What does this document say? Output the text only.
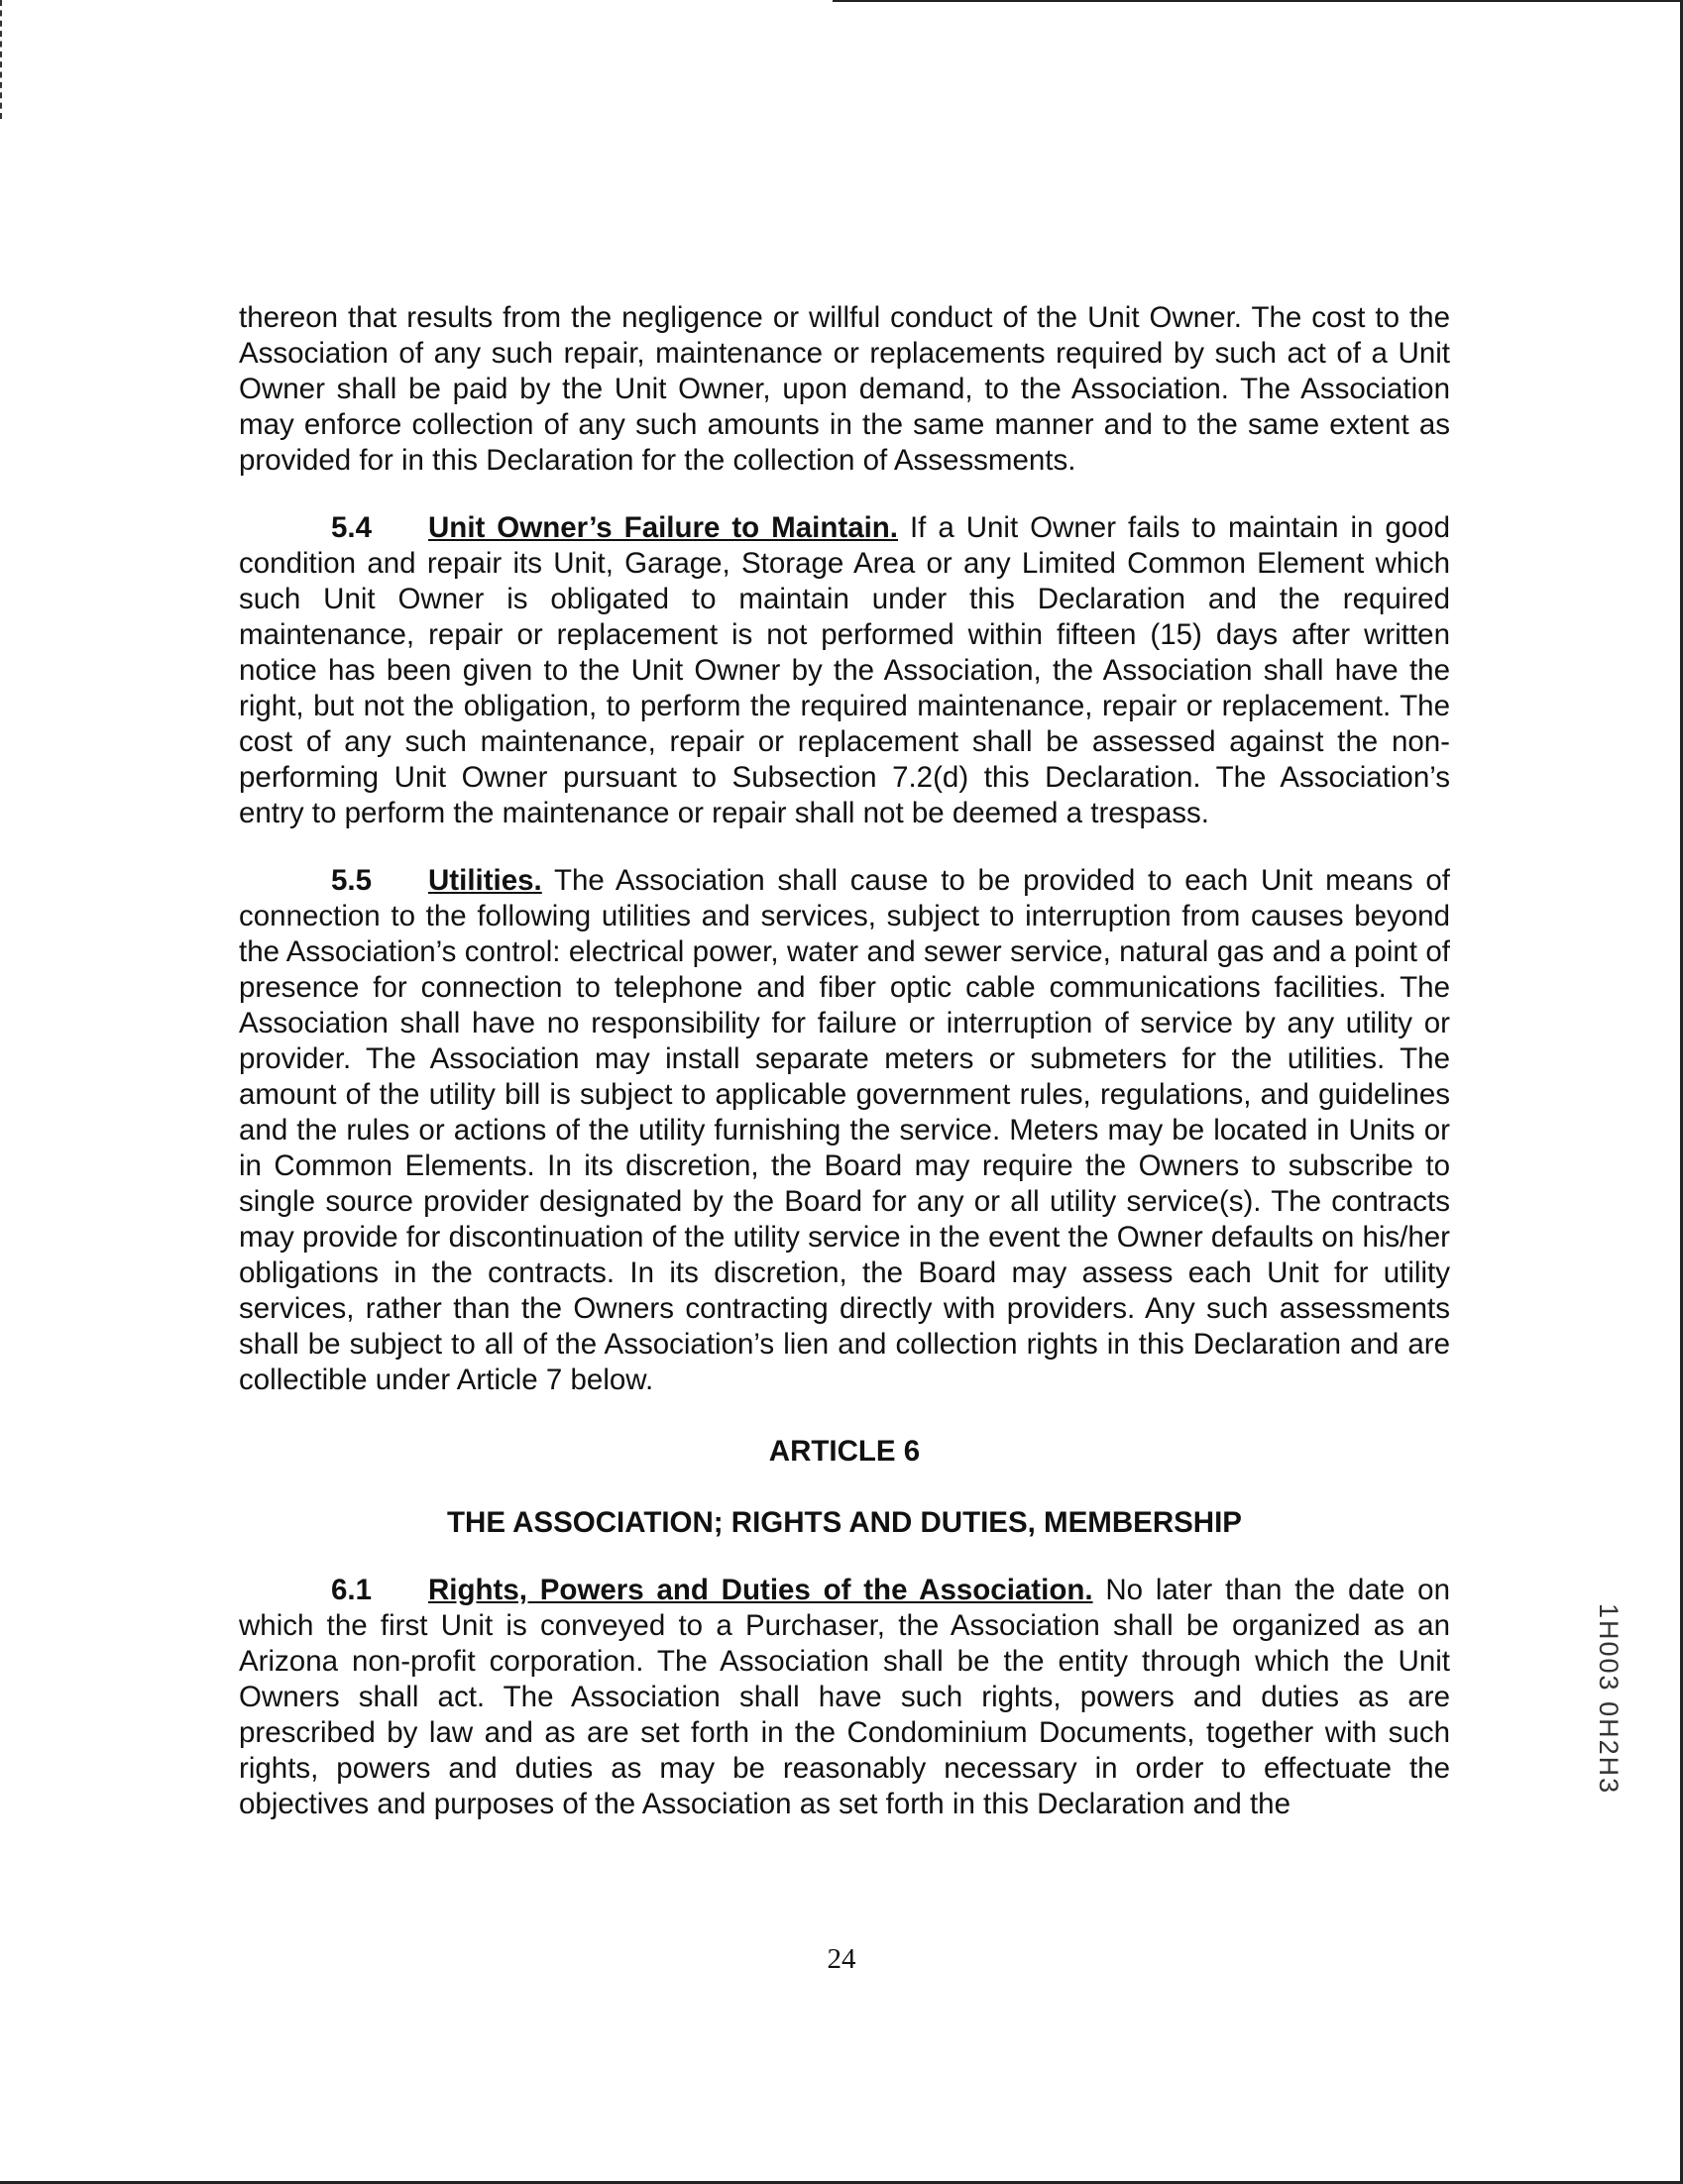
thereon that results from the negligence or willful conduct of the Unit Owner. The cost to the Association of any such repair, maintenance or replacements required by such act of a Unit Owner shall be paid by the Unit Owner, upon demand, to the Association. The Association may enforce collection of any such amounts in the same manner and to the same extent as provided for in this Declaration for the collection of Assessments.

5.4 Unit Owner’s Failure to Maintain. If a Unit Owner fails to maintain in good condition and repair its Unit, Garage, Storage Area or any Limited Common Element which such Unit Owner is obligated to maintain under this Declaration and the required maintenance, repair or replacement is not performed within fifteen (15) days after written notice has been given to the Unit Owner by the Association, the Association shall have the right, but not the obligation, to perform the required maintenance, repair or replacement. The cost of any such maintenance, repair or replacement shall be assessed against the non-performing Unit Owner pursuant to Subsection 7.2(d) this Declaration. The Association’s entry to perform the maintenance or repair shall not be deemed a trespass.

5.5 Utilities. The Association shall cause to be provided to each Unit means of connection to the following utilities and services, subject to interruption from causes beyond the Association’s control: electrical power, water and sewer service, natural gas and a point of presence for connection to telephone and fiber optic cable communications facilities. The Association shall have no responsibility for failure or interruption of service by any utility or provider. The Association may install separate meters or submeters for the utilities. The amount of the utility bill is subject to applicable government rules, regulations, and guidelines and the rules or actions of the utility furnishing the service. Meters may be located in Units or in Common Elements. In its discretion, the Board may require the Owners to subscribe to single source provider designated by the Board for any or all utility service(s). The contracts may provide for discontinuation of the utility service in the event the Owner defaults on his/her obligations in the contracts. In its discretion, the Board may assess each Unit for utility services, rather than the Owners contracting directly with providers. Any such assessments shall be subject to all of the Association’s lien and collection rights in this Declaration and are collectible under Article 7 below.

ARTICLE 6

THE ASSOCIATION; RIGHTS AND DUTIES, MEMBERSHIP

6.1 Rights, Powers and Duties of the Association. No later than the date on which the first Unit is conveyed to a Purchaser, the Association shall be organized as an Arizona non-profit corporation. The Association shall be the entity through which the Unit Owners shall act. The Association shall have such rights, powers and duties as are prescribed by law and as are set forth in the Condominium Documents, together with such rights, powers and duties as may be reasonably necessary in order to effectuate the objectives and purposes of the Association as set forth in this Declaration and the

24
1H003 0H2H3
